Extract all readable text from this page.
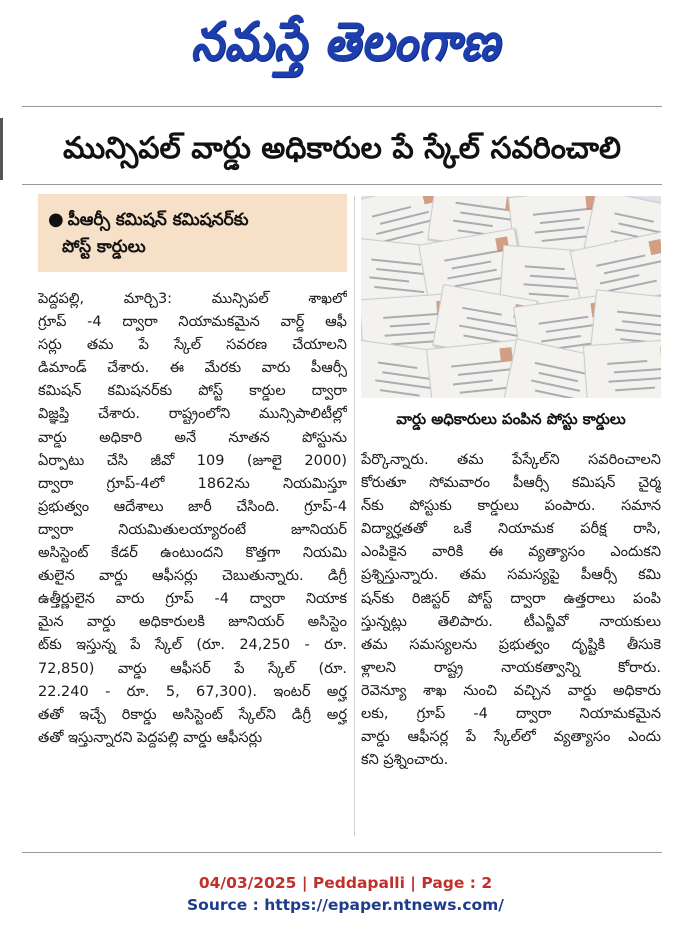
నమస్తే తెలంగాణ
మున్సిపల్ వార్డు అధికారుల పే స్కేల్ సవరించాలి
● పీఆర్సీ కమిషన్ కమిషనర్‌కు
పోస్ట్ కార్డులు
వార్డు అధికారులు పంపిన పోస్టు కార్డులు
పెద్దపల్లి, మార్చి3: మున్సిపల్ శాఖలో
గ్రూప్ -4 ద్వారా నియామకమైన వార్డ్ ఆఫీ
సర్లు తమ పే స్కేల్ సవరణ చేయాలని
డిమాండ్ చేశారు. ఈ మేరకు వారు పీఆర్సీ
కమిషన్ కమిషనర్‌కు పోస్ట్ కార్డుల ద్వారా
విజ్ఞప్తి చేశారు. రాష్ట్రంలోని మున్సిపాలిటీల్లో
వార్డు అధికారి అనే నూతన పోస్టును
ఏర్పాటు చేసి జీవో 109 (జూలై 2000)
ద్వారా గ్రూప్-4లో 1862ను నియమిస్తూ
ప్రభుత్వం ఆదేశాలు జారీ చేసింది. గ్రూప్-4
ద్వారా నియమితులయ్యారంటే జూనియర్
అసిస్టెంట్ కేడర్ ఉంటుందని కొత్తగా నియమి
తులైన వార్డు ఆఫీసర్లు చెబుతున్నారు. డిగ్రీ
ఉత్తీర్ణులైన వారు గ్రూప్ -4 ద్వారా నియాక
మైన వార్డు అధికారులకి జూనియర్ అసిస్టెం
ట్‌కు ఇస్తున్న పే స్కేల్ (రూ. 24,250 - రూ.
72,850) వార్డు ఆఫీసర్ పే స్కేల్ (రూ.
22.240 - రూ. 5, 67,300). ఇంటర్ అర్హ
తతో ఇచ్చే రికార్డు అసిస్టెంట్ స్కేల్‌ని డిగ్రీ అర్హ
తతో ఇస్తున్నారని పెద్దపల్లి వార్డు ఆఫీసర్లు
పేర్కొన్నారు. తమ పేస్కేల్‌ని సవరించాలని
కోరుతూ సోమవారం పీఆర్సీ కమిషన్ చైర్మ
న్‌కు పోస్టుకు కార్డులు పంపారు. సమాన
విద్యార్హతతో ఒకే నియామక పరీక్ష రాసి,
ఎంపికైన వారికి ఈ వ్యత్యాసం ఎందుకని
ప్రశ్నిస్తున్నారు. తమ సమస్యపై పీఆర్సీ కమి
షన్‌కు రిజిస్టర్ పోస్ట్ ద్వారా ఉత్తరాలు పంపి
స్తున్నట్లు తెలిపారు. టీఎన్జీవో నాయకులు
తమ సమస్యలను ప్రభుత్వం దృష్టికి తీసుకె
ళ్లాలని రాష్ట్ర నాయకత్వాన్ని కోరారు.
రెవెన్యూ శాఖ నుంచి వచ్చిన వార్డు అధికారు
లకు, గ్రూప్ -4 ద్వారా నియామకమైన
వార్డు ఆఫీసర్ల పే స్కేల్‌లో వ్యత్యాసం ఎందు
కని ప్రశ్నించారు.
04/03/2025 | Peddapalli | Page : 2
Source : https://epaper.ntnews.com/
